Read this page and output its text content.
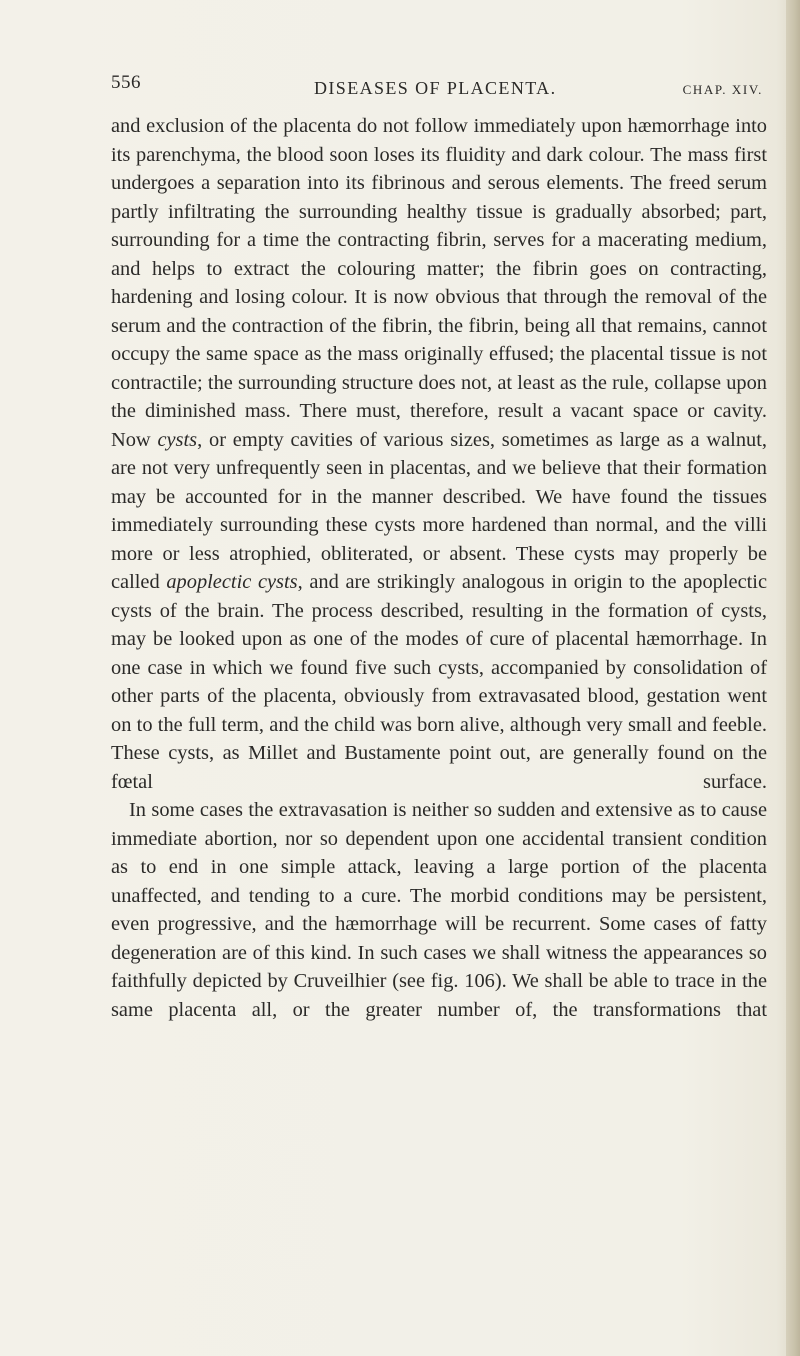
556	DISEASES OF PLACENTA.	CHAP. XIV.

and exclusion of the placenta do not follow immediately upon hæmorrhage into its parenchyma, the blood soon loses its fluidity and dark colour. The mass first undergoes a separation into its fibrinous and serous elements. The freed serum partly infiltrating the surrounding healthy tissue is gradually absorbed; part, surrounding for a time the contracting fibrin, serves for a macerating medium, and helps to extract the colouring matter; the fibrin goes on contracting, hardening and losing colour. It is now obvious that through the removal of the serum and the contraction of the fibrin, the fibrin, being all that remains, cannot occupy the same space as the mass originally effused; the placental tissue is not contractile; the surrounding structure does not, at least as the rule, collapse upon the diminished mass. There must, therefore, result a vacant space or cavity. Now cysts, or empty cavities of various sizes, sometimes as large as a walnut, are not very unfrequently seen in placentas, and we believe that their formation may be accounted for in the manner described. We have found the tissues immediately surrounding these cysts more hardened than normal, and the villi more or less atrophied, obliterated, or absent. These cysts may properly be called apoplectic cysts, and are strikingly analogous in origin to the apoplectic cysts of the brain. The process described, resulting in the formation of cysts, may be looked upon as one of the modes of cure of placental hæmorrhage. In one case in which we found five such cysts, accompanied by consolidation of other parts of the placenta, obviously from extravasated blood, gestation went on to the full term, and the child was born alive, although very small and feeble. These cysts, as Millet and Bustamente point out, are generally found on the fœtal surface.

In some cases the extravasation is neither so sudden and extensive as to cause immediate abortion, nor so dependent upon one accidental transient condition as to end in one simple attack, leaving a large portion of the placenta unaffected, and tending to a cure. The morbid conditions may be persistent, even progressive, and the hæmorrhage will be recurrent. Some cases of fatty degeneration are of this kind. In such cases we shall witness the appearances so faithfully depicted by Cruveilhier (see fig. 106). We shall be able to trace in the same placenta all, or the greater number of, the transformations that
